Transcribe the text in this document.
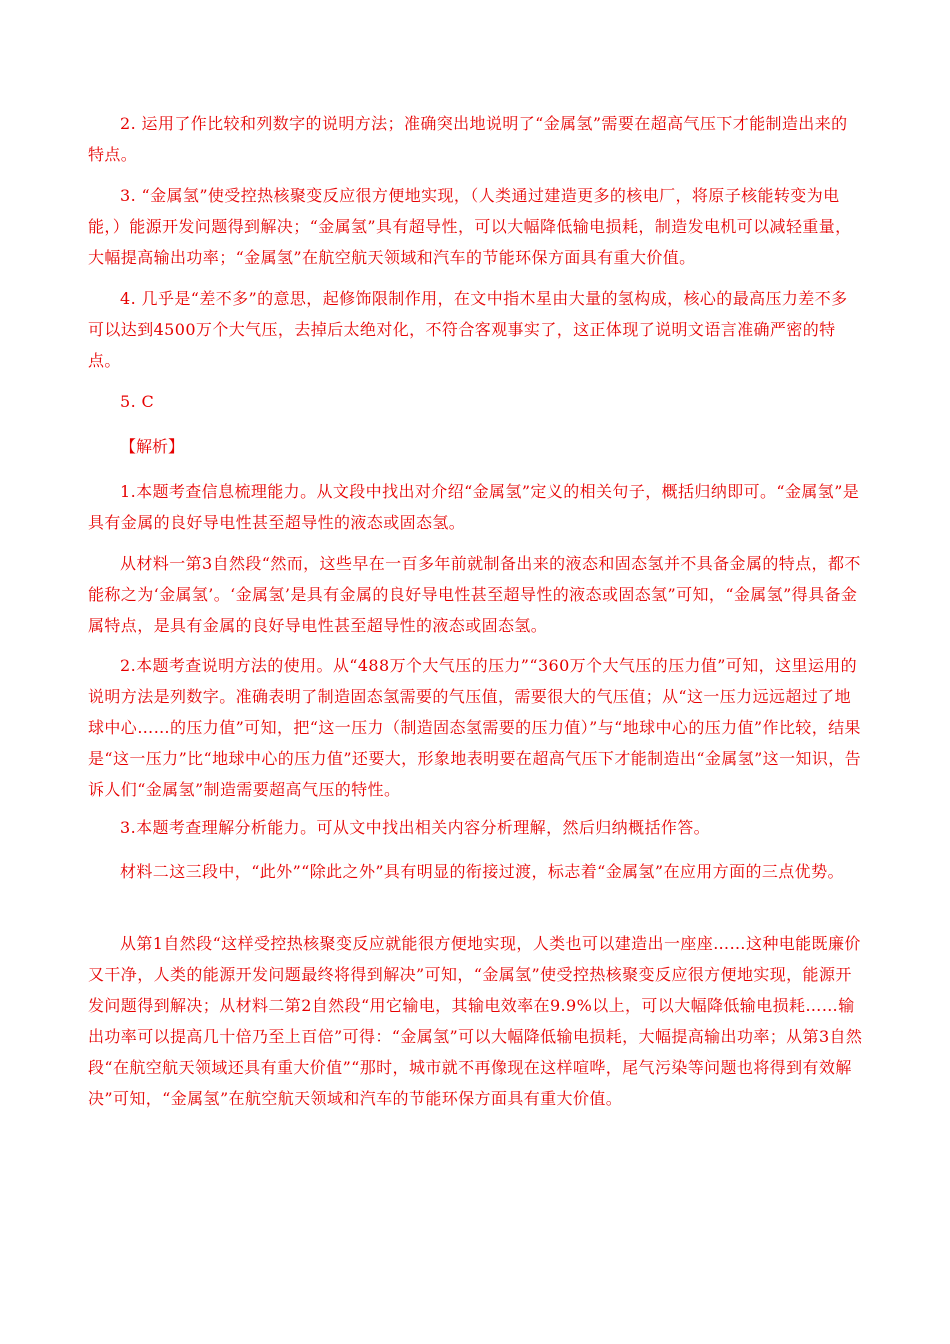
2. 运用了作比较和列数字的说明方法；准确突出地说明了“金属氢”需要在超高气压下才能制造出来的特点。

3. “金属氢”使受控热核聚变反应很方便地实现，（人类通过建造更多的核电厂，将原子核能转变为电能，）能源开发问题得到解决；“金属氢”具有超导性，可以大幅降低输电损耗，制造发电机可以减轻重量，大幅提高输出功率；“金属氢”在航空航天领域和汽车的节能环保方面具有重大价值。

4. 几乎是“差不多”的意思，起修饰限制作用，在文中指木星由大量的氢构成，核心的最高压力差不多可以达到4500万个大气压，去掉后太绝对化，不符合客观事实了，这正体现了说明文语言准确严密的特点。

5. C

【解析】

1.本题考查信息梳理能力。从文段中找出对介绍“金属氢”定义的相关句子，概括归纳即可。“金属氢”是具有金属的良好导电性甚至超导性的液态或固态氢。

从材料一第3自然段“然而，这些早在一百多年前就制备出来的液态和固态氢并不具备金属的特点，都不能称之为‘金属氢’。‘金属氢’是具有金属的良好导电性甚至超导性的液态或固态氢”可知，“金属氢”得具备金属特点，是具有金属的良好导电性甚至超导性的液态或固态氢。

2.本题考查说明方法的使用。从“488万个大气压的压力”“360万个大气压的压力值”可知，这里运用的说明方法是列数字。准确表明了制造固态氢需要的气压值，需要很大的气压值；从“这一压力远远超过了地球中心……的压力值”可知，把“这一压力（制造固态氢需要的压力值）”与“地球中心的压力值”作比较，结果是“这一压力”比“地球中心的压力值”还要大，形象地表明要在超高气压下才能制造出“金属氢”这一知识，告诉人们“金属氢”制造需要超高气压的特性。

3.本题考查理解分析能力。可从文中找出相关内容分析理解，然后归纳概括作答。

材料二这三段中，“此外”“除此之外”具有明显的衔接过渡，标志着“金属氢”在应用方面的三点优势。

从第1自然段“这样受控热核聚变反应就能很方便地实现，人类也可以建造出一座座……这种电能既廉价又干净，人类的能源开发问题最终将得到解决”可知，“金属氢”使受控热核聚变反应很方便地实现，能源开发问题得到解决；从材料二第2自然段“用它输电，其输电效率在9.9%以上，可以大幅降低输电损耗……输出功率可以提高几十倍乃至上百倍”可得：“金属氢”可以大幅降低输电损耗，大幅提高输出功率；从第3自然段“在航空航天领域还具有重大价值”“那时，城市就不再像现在这样喧哗，尾气污染等问题也将得到有效解决”可知，“金属氢”在航空航天领域和汽车的节能环保方面具有重大价值。
